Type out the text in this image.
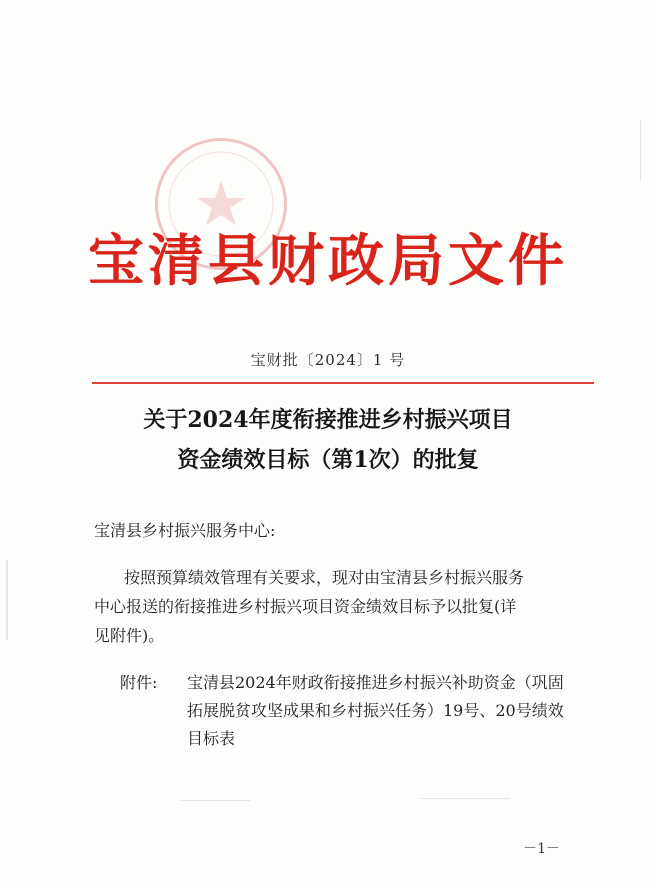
宝清县财政局文件
宝财批〔2024〕1 号
关于2024年度衔接推进乡村振兴项目
资金绩效目标（第1次）的批复
宝清县乡村振兴服务中心:
按照预算绩效管理有关要求，现对由宝清县乡村振兴服务
中心报送的衔接推进乡村振兴项目资金绩效目标予以批复(详
见附件)。
附件: 宝清县2024年财政衔接推进乡村振兴补助资金（巩固
拓展脱贫攻坚成果和乡村振兴任务）19号、20号绩效
目标表
－1－
